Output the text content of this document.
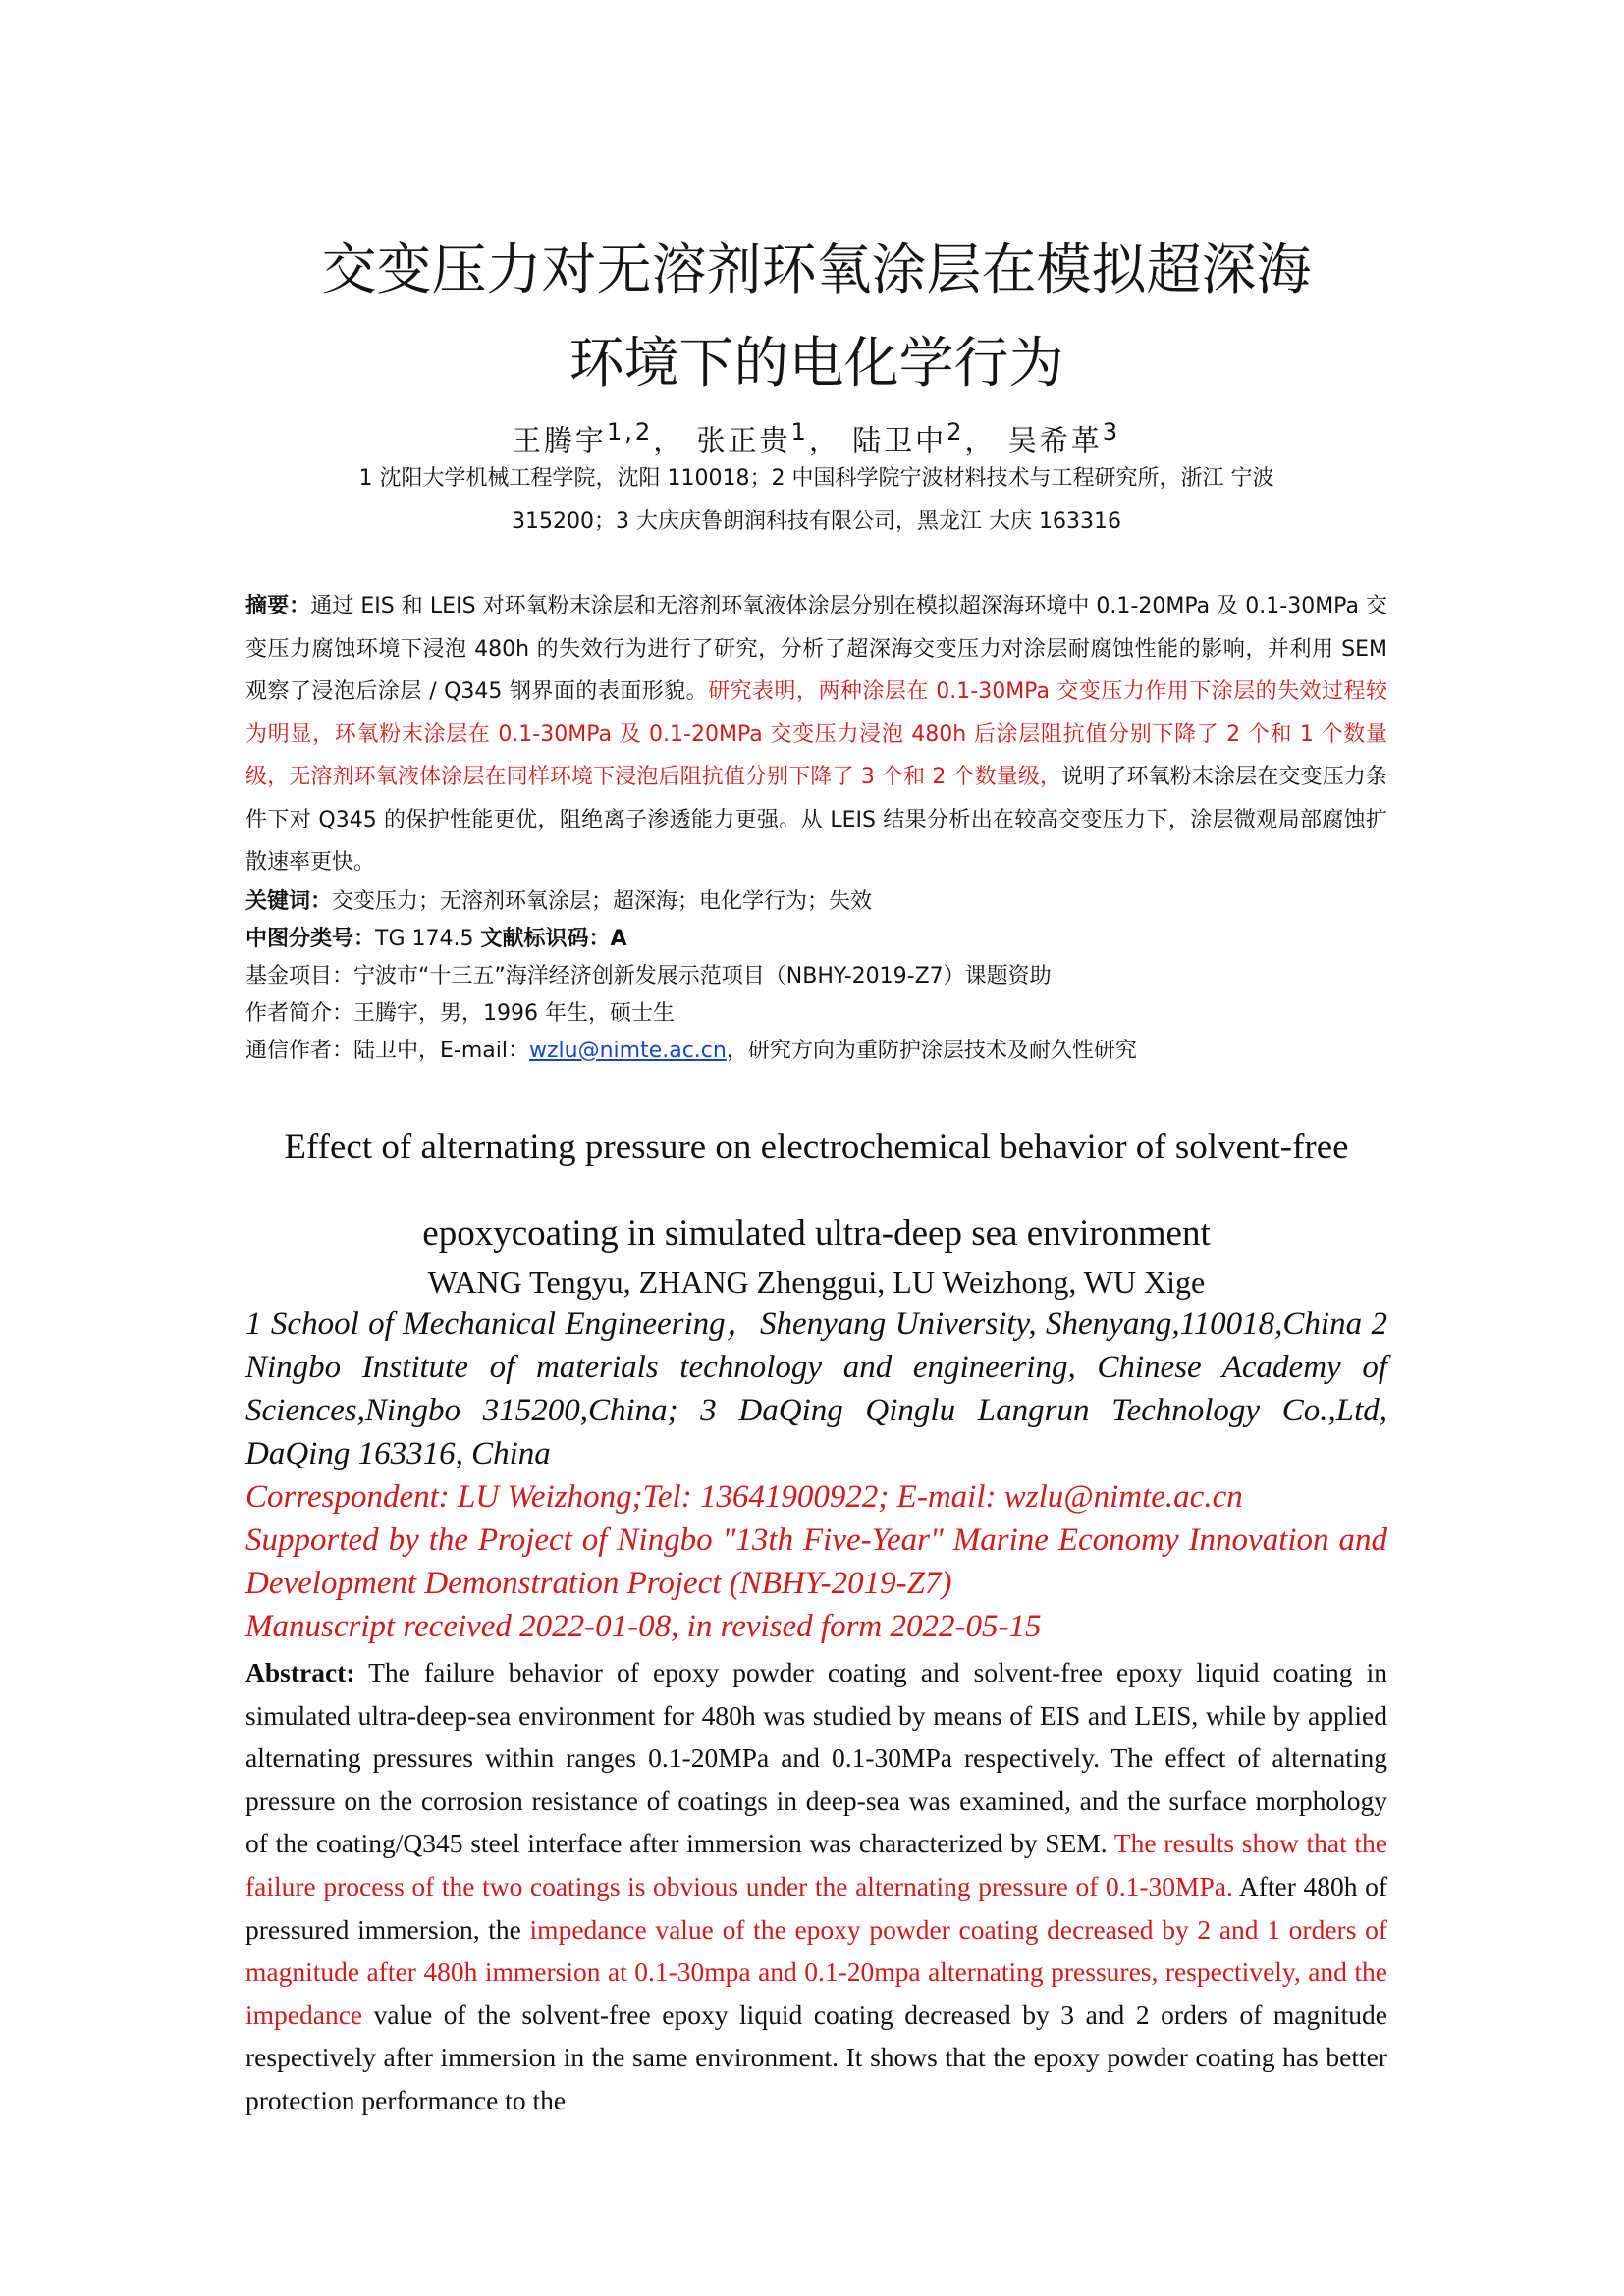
交变压力对无溶剂环氧涂层在模拟超深海
环境下的电化学行为
王腾宇$^{1,2}$， 张正贵$^1$， 陆卫中$^2$， 吴希革$^3$
1 沈阳大学机械工程学院，沈阳 110018；2 中国科学院宁波材料技术与工程研究所，浙江 宁波
315200；3 大庆庆鲁朗润科技有限公司，黑龙江 大庆 163316

摘要：通过 EIS 和 LEIS 对环氧粉末涂层和无溶剂环氧液体涂层分别在模拟超深海环境中 0.1-20MPa 及 0.1-30MPa 交变压力腐蚀环境下浸泡 480h 的失效行为进行了研究，分析了超深海交变压力对涂层耐腐蚀性能的影响，并利用 SEM 观察了浸泡后涂层 / Q345 钢界面的表面形貌。研究表明，两种涂层在 0.1-30MPa 交变压力作用下涂层的失效过程较为明显，环氧粉末涂层在 0.1-30MPa 及 0.1-20MPa 交变压力浸泡 480h 后涂层阻抗值分别下降了 2 个和 1 个数量级，无溶剂环氧液体涂层在同样环境下浸泡后阻抗值分别下降了 3 个和 2 个数量级，说明了环氧粉末涂层在交变压力条件下对 Q345 的保护性能更优，阻绝离子渗透能力更强。从 LEIS 结果分析出在较高交变压力下，涂层微观局部腐蚀扩散速率更快。

关键词：交变压力；无溶剂环氧涂层；超深海；电化学行为；失效
中图分类号：TG 174.5 文献标识码：A
基金项目：宁波市“十三五”海洋经济创新发展示范项目（NBHY-2019-Z7）课题资助
作者简介：王腾宇，男，1996 年生，硕士生
通信作者：陆卫中，E-mail：wzlu@nimte.ac.cn，研究方向为重防护涂层技术及耐久性研究
Effect of alternating pressure on electrochemical behavior of solvent-free
epoxycoating in simulated ultra-deep sea environment
WANG Tengyu, ZHANG Zhenggui, LU Weizhong, WU Xige
1 School of Mechanical Engineering，Shenyang University, Shenyang,110018,China 2 Ningbo Institute of materials technology and engineering, Chinese Academy of Sciences,Ningbo 315200,China; 3 DaQing Qinglu Langrun Technology Co.,Ltd, DaQing 163316, China
Correspondent: LU Weizhong;Tel: 13641900922; E-mail: wzlu@nimte.ac.cn
Supported by the Project of Ningbo "13th Five-Year" Marine Economy Innovation and Development Demonstration Project (NBHY-2019-Z7)
Manuscript received 2022-01-08, in revised form 2022-05-15
Abstract: The failure behavior of epoxy powder coating and solvent-free epoxy liquid coating in simulated ultra-deep-sea environment for 480h was studied by means of EIS and LEIS, while by applied alternating pressures within ranges 0.1-20MPa and 0.1-30MPa respectively. The effect of alternating pressure on the corrosion resistance of coatings in deep-sea was examined, and the surface morphology of the coating/Q345 steel interface after immersion was characterized by SEM. The results show that the failure process of the two coatings is obvious under the alternating pressure of 0.1-30MPa. After 480h of pressured immersion, the impedance value of the epoxy powder coating decreased by 2 and 1 orders of magnitude after 480h immersion at 0.1-30mpa and 0.1-20mpa alternating pressures, respectively, and the impedance value of the solvent-free epoxy liquid coating decreased by 3 and 2 orders of magnitude respectively after immersion in the same environment. It shows that the epoxy powder coating has better protection performance to the
